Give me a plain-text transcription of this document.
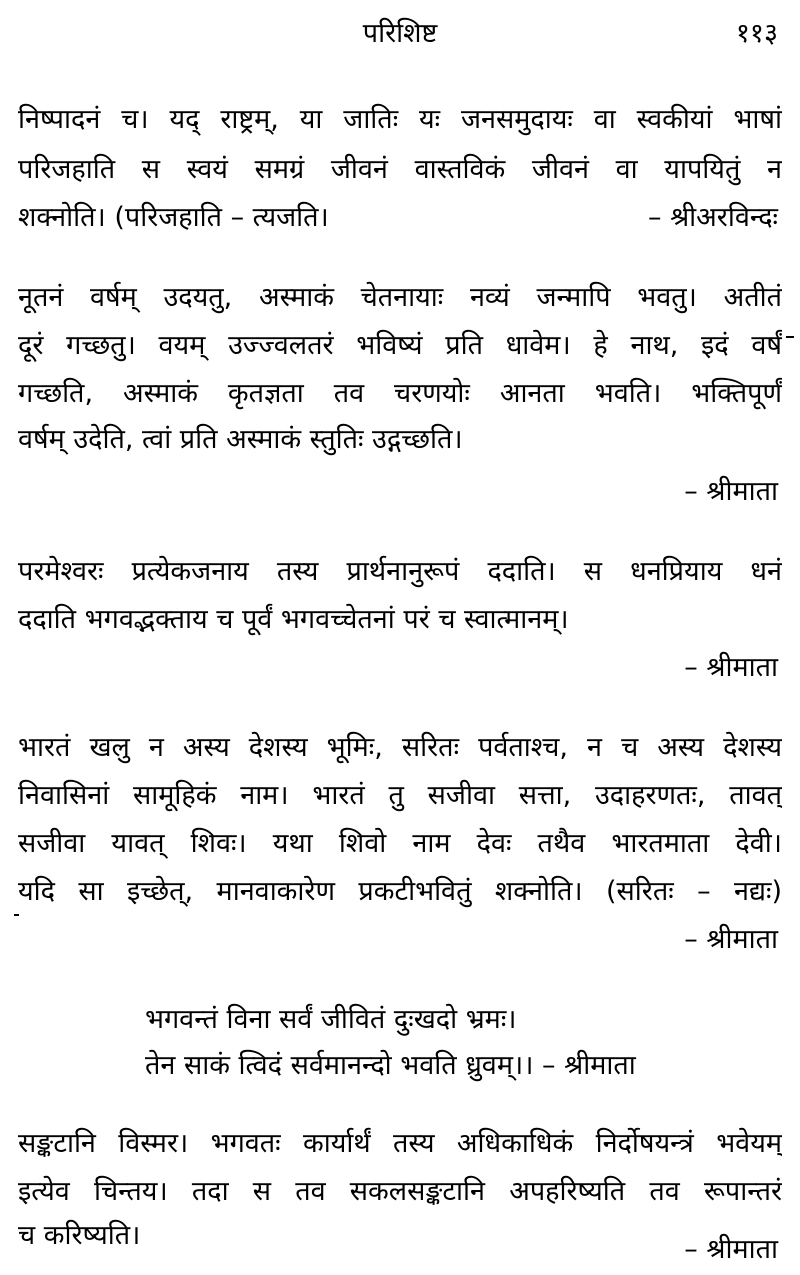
परिशिष्ट	११३
निष्पादनं च। यद् राष्ट्रम्, या जातिः यः जनसमुदायः वा स्वकीयां भाषां
परिजहाति स स्वयं समग्रं जीवनं वास्तविकं जीवनं वा यापयितुं न
शक्नोति। (परिजहाति – त्यजति।	– श्रीअरविन्दः
नूतनं वर्षम् उदयतु, अस्माकं चेतनायाः नव्यं जन्मापि भवतु। अतीतं
दूरं गच्छतु। वयम् उज्ज्वलतरं भविष्यं प्रति धावेम। हे नाथ, इदं वर्षं
गच्छति, अस्माकं कृतज्ञता तव चरणयोः आनता भवति। भक्तिपूर्णं
वर्षम् उदेति, त्वां प्रति अस्माकं स्तुतिः उद्गच्छति।
– श्रीमाता
परमेश्वरः प्रत्येकजनाय तस्य प्रार्थनानुरूपं ददाति। स धनप्रियाय धनं
ददाति भगवद्भक्ताय च पूर्वं भगवच्चेतनां परं च स्वात्मानम्।
– श्रीमाता
भारतं खलु न अस्य देशस्य भूमिः, सरितः पर्वताश्च, न च अस्य देशस्य
निवासिनां सामूहिकं नाम। भारतं तु सजीवा सत्ता, उदाहरणतः, तावत्
सजीवा यावत् शिवः। यथा शिवो नाम देवः तथैव भारतमाता देवी।
यदि सा इच्छेत्, मानवाकारेण प्रकटीभवितुं शक्नोति। (सरितः – नद्यः)
– श्रीमाता
भगवन्तं विना सर्वं जीवितं दुःखदो भ्रमः।
तेन साकं त्विदं सर्वमानन्दो भवति ध्रुवम्।। – श्रीमाता
सङ्कटानि विस्मर। भगवतः कार्यार्थं तस्य अधिकाधिकं निर्दोषयन्त्रं भवेयम्
इत्येव चिन्तय। तदा स तव सकलसङ्कटानि अपहरिष्यति तव रूपान्तरं
च करिष्यति।	– श्रीमाता
